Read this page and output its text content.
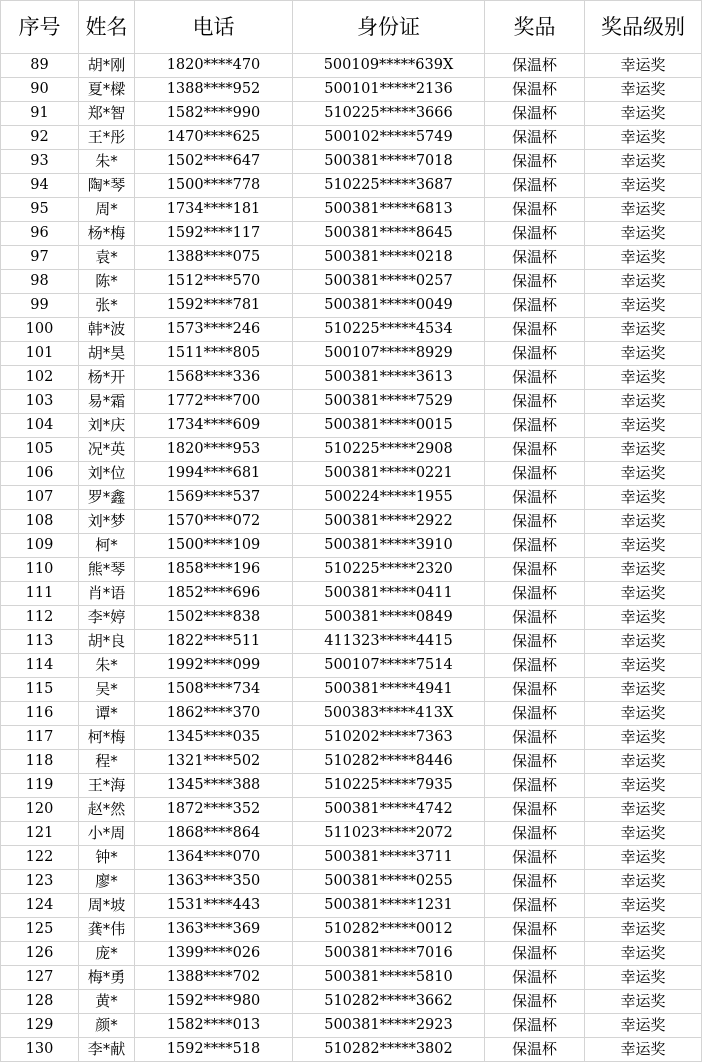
序号	姓名	电话	身份证	奖品	奖品级别
89	胡*刚	1820****470	500109*****639X	保温杯	幸运奖
90	夏*樑	1388****952	500101*****2136	保温杯	幸运奖
91	郑*智	1582****990	510225*****3666	保温杯	幸运奖
92	王*彤	1470****625	500102*****5749	保温杯	幸运奖
93	朱*	1502****647	500381*****7018	保温杯	幸运奖
94	陶*琴	1500****778	510225*****3687	保温杯	幸运奖
95	周*	1734****181	500381*****6813	保温杯	幸运奖
96	杨*梅	1592****117	500381*****8645	保温杯	幸运奖
97	袁*	1388****075	500381*****0218	保温杯	幸运奖
98	陈*	1512****570	500381*****0257	保温杯	幸运奖
99	张*	1592****781	500381*****0049	保温杯	幸运奖
100	韩*波	1573****246	510225*****4534	保温杯	幸运奖
101	胡*昊	1511****805	500107*****8929	保温杯	幸运奖
102	杨*开	1568****336	500381*****3613	保温杯	幸运奖
103	易*霜	1772****700	500381*****7529	保温杯	幸运奖
104	刘*庆	1734****609	500381*****0015	保温杯	幸运奖
105	况*英	1820****953	510225*****2908	保温杯	幸运奖
106	刘*位	1994****681	500381*****0221	保温杯	幸运奖
107	罗*鑫	1569****537	500224*****1955	保温杯	幸运奖
108	刘*梦	1570****072	500381*****2922	保温杯	幸运奖
109	柯*	1500****109	500381*****3910	保温杯	幸运奖
110	熊*琴	1858****196	510225*****2320	保温杯	幸运奖
111	肖*语	1852****696	500381*****0411	保温杯	幸运奖
112	李*婷	1502****838	500381*****0849	保温杯	幸运奖
113	胡*良	1822****511	411323*****4415	保温杯	幸运奖
114	朱*	1992****099	500107*****7514	保温杯	幸运奖
115	吴*	1508****734	500381*****4941	保温杯	幸运奖
116	谭*	1862****370	500383*****413X	保温杯	幸运奖
117	柯*梅	1345****035	510202*****7363	保温杯	幸运奖
118	程*	1321****502	510282*****8446	保温杯	幸运奖
119	王*海	1345****388	510225*****7935	保温杯	幸运奖
120	赵*然	1872****352	500381*****4742	保温杯	幸运奖
121	小*周	1868****864	511023*****2072	保温杯	幸运奖
122	钟*	1364****070	500381*****3711	保温杯	幸运奖
123	廖*	1363****350	500381*****0255	保温杯	幸运奖
124	周*坡	1531****443	500381*****1231	保温杯	幸运奖
125	龚*伟	1363****369	510282*****0012	保温杯	幸运奖
126	庞*	1399****026	500381*****7016	保温杯	幸运奖
127	梅*勇	1388****702	500381*****5810	保温杯	幸运奖
128	黄*	1592****980	510282*****3662	保温杯	幸运奖
129	颜*	1582****013	500381*****2923	保温杯	幸运奖
130	李*献	1592****518	510282*****3802	保温杯	幸运奖
